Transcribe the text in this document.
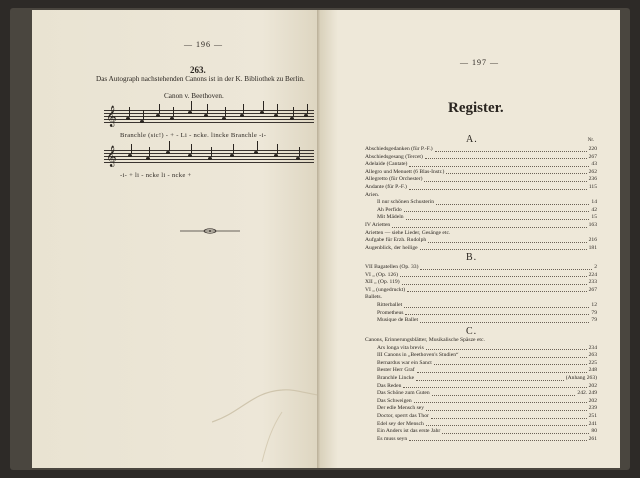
— 196 —
263.
Das Autograph nachstehenden Canons ist in der K. Bibliothek zu Berlin.
Canon v. Beethoven.
𝄞
Branchle (sic!) - + - Li - ncke. lincke Branchle -i-
𝄞
-i- + li - ncke li - ncke +
— 197 —
Register.
Nr.
A.
Abschiedsgedanken (für P.-F.)	220
Abschiedsgesang (Tercet)	267
Adelaide (Cantate)	43
Allegro und Menuett (6 Blas-Instr.)	262
Allegretto (für Orchester)	236
Andante (für P.-F.)	115
Arien.
Il nur schönen Schusterin	14
Ah Perfido	42
Mit Mädeln	15
IV Arietten	163
Arietten — siehe Lieder, Gesänge etc.
Aufgabe für Erzh. Rudolph	216
Augenblick, der heilige	181
B.
VII Bagatellen (Op. 33)	2
VI „ (Op. 126)	224
XII „ (Op. 119)	233
VI „ (ungedruckt)	267
Ballets.
Ritterballet	12
Prometheus	79
Musique de Ballet	79
C.
Canons, Erinnerungsblätter, Musikalische Späsze etc.
Ars longa vita brevis	234
III Canons in „Beethoven's Studien“	263
Bernardus war ein Sanct	225
Bester Herr Graf	248
Branchle Lincke	(Anhang 263)
Das Reden	202
Das Schöne zum Guten	242. 249
Das Schweigen	202
Der edle Mensch sey	239
Doctor, sperrt das Thor	251
Edel sey der Mensch	241
Ein Anders ist das erste Jahr	80
Es muss seyn	261
